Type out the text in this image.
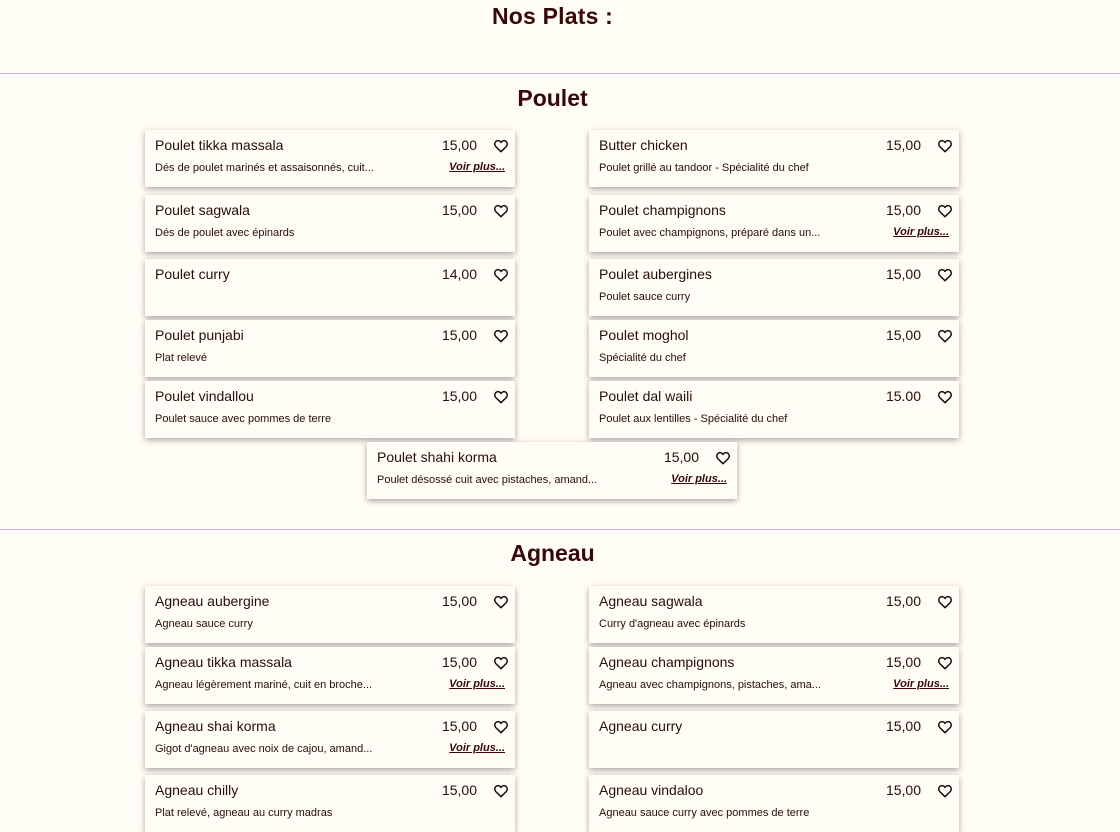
Nos Plats :
Poulet
Poulet tikka massala	15,00
Dés de poulet marinés et assaisonnés, cuit...	Voir plus...
Butter chicken	15,00
Poulet grillé au tandoor - Spécialité du chef
Poulet sagwala	15,00
Dés de poulet avec épinards
Poulet champignons	15,00
Poulet avec champignons, préparé dans un...	Voir plus...
Poulet curry	14,00	Poulet aubergines	15,00
Poulet sauce curry
Poulet punjabi	15,00
Plat relevé
Poulet moghol	15,00
Spécialité du chef
Poulet vindallou	15,00
Poulet sauce avec pommes de terre
Poulet dal waili	15.00
Poulet aux lentilles - Spécialité du chef
Poulet shahi korma	15,00
Poulet désossé cuit avec pistaches, amand...	Voir plus...
Agneau
Agneau aubergine	15,00
Agneau sauce curry
Agneau sagwala	15,00
Curry d'agneau avec épinards
Agneau tikka massala	15,00
Agneau légèrement mariné, cuit en broche...	Voir plus...
Agneau champignons	15,00
Agneau avec champignons, pistaches, ama...	Voir plus...
Agneau shai korma	15,00
Gigot d'agneau avec noix de cajou, amand...	Voir plus...
Agneau curry	15,00
Agneau chilly	15,00
Plat relevé, agneau au curry madras
Agneau vindaloo	15,00
Agneau sauce curry avec pommes de terre
